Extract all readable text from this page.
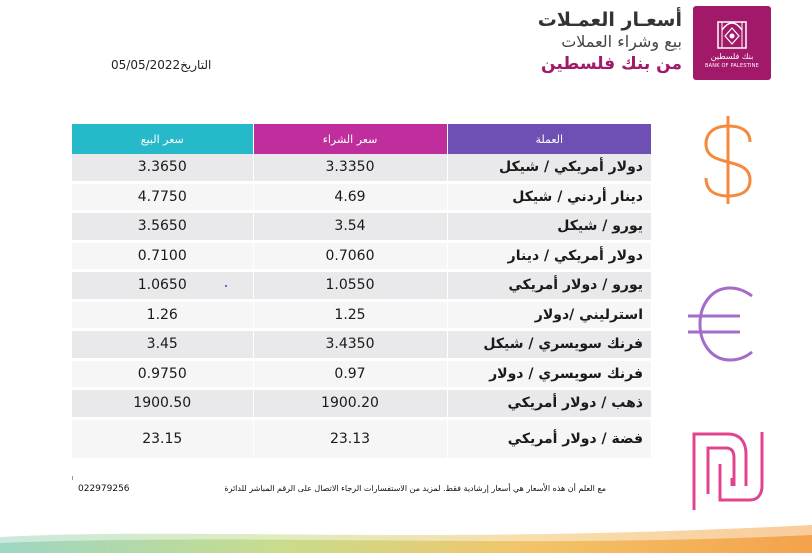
بنك فلسطين
BANK OF PALESTINE
أسعـار العمـلات
بيع وشراء العملات
من بنك فلسطين
التاريخ05/05/2022
سعر البيع	سعر الشراء	العملة
3.3650	3.3350	دولار أمريكي / شيكل
4.7750	4.69	دينار أردني / شيكل
3.5650	3.54	يورو / شيكل
0.7100	0.7060	دولار أمريكي / دينار
1.0650	1.0550	يورو / دولار أمريكي
1.26	1.25	استرليني /دولار
3.45	3.4350	فرنك سويسري / شيكل
0.9750	0.97	فرنك سويسري / دولار
1900.50	1900.20	ذهب / دولار أمريكي
23.15	23.13	فضة / دولار أمريكي
مع العلم أن هذه الأسعار هي أسعار إرشادية فقط. لمزيد من الاستفسارات الرجاء الاتصال على الرقم المباشر للدائرة
022979256
